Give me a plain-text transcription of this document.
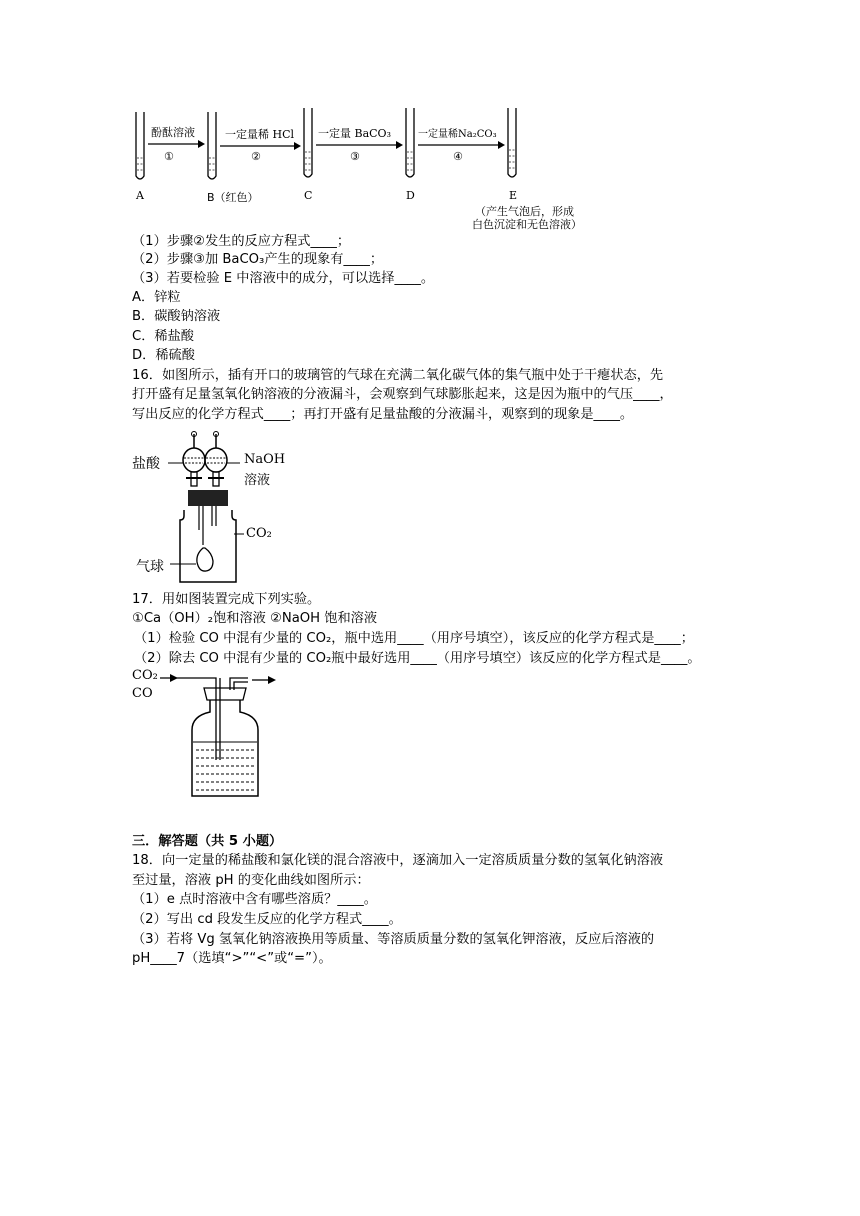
酚酞溶液	一定量稀 HCl 一定量 BaCO₃	一定量稀Na₂CO₃
①	②	③	④
A	B（红色）	C	D	E
（产生气泡后，形成
白色沉淀和无色溶液）
（1）步骤②发生的反应方程式____；
（2）步骤③加 BaCO₃产生的现象有____；
（3）若要检验 E 中溶液中的成分，可以选择____。
A．锌粒
B．碳酸钠溶液
C．稀盐酸
D．稀硫酸
16．如图所示，插有开口的玻璃管的气球在充满二氧化碳气体的集气瓶中处于干瘪状态，先
打开盛有足量氢氧化钠溶液的分液漏斗，会观察到气球膨胀起来，这是因为瓶中的气压____，
写出反应的化学方程式____；再打开盛有足量盐酸的分液漏斗，观察到的现象是____。
盐酸	NaOH
溶液
CO₂
气球
17．用如图装置完成下列实验。
①Ca（OH）₂饱和溶液 ②NaOH 饱和溶液
（1）检验 CO 中混有少量的 CO₂，瓶中选用____（用序号填空），该反应的化学方程式是____；
（2）除去 CO 中混有少量的 CO₂瓶中最好选用____（用序号填空）该反应的化学方程式是____。
CO₂
CO
三．解答题（共 5 小题）
18．向一定量的稀盐酸和氯化镁的混合溶液中，逐滴加入一定溶质质量分数的氢氧化钠溶液
至过量，溶液 pH 的变化曲线如图所示：
（1）e 点时溶液中含有哪些溶质？____。
（2）写出 cd 段发生反应的化学方程式____。
（3）若将 Vg 氢氧化钠溶液换用等质量、等溶质质量分数的氢氧化钾溶液，反应后溶液的
pH____7（选填“>”“<”或“=”）。
